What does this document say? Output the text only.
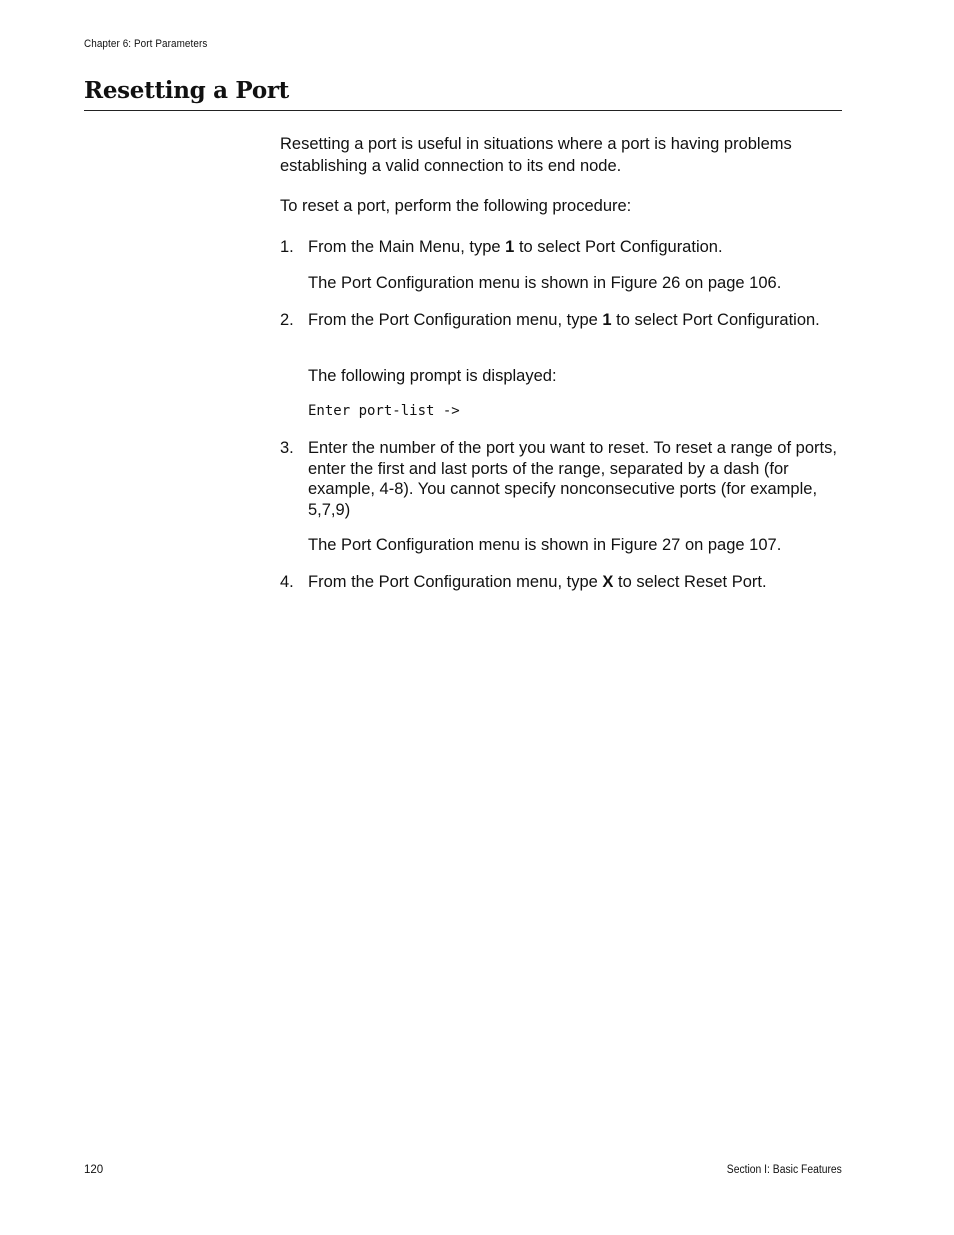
Chapter 6: Port Parameters
Resetting a Port

Resetting a port is useful in situations where a port is having problems establishing a valid connection to its end node.

To reset a port, perform the following procedure:

1. From the Main Menu, type 1 to select Port Configuration.

The Port Configuration menu is shown in Figure 26 on page 106.

2. From the Port Configuration menu, type 1 to select Port Configuration.

The following prompt is displayed:

Enter port-list ->
3. Enter the number of the port you want to reset. To reset a range of ports, enter the first and last ports of the range, separated by a dash (for example, 4-8). You cannot specify nonconsecutive ports (for example, 5,7,9)

The Port Configuration menu is shown in Figure 27 on page 107.

4. From the Port Configuration menu, type X to select Reset Port.

120	Section I: Basic Features
